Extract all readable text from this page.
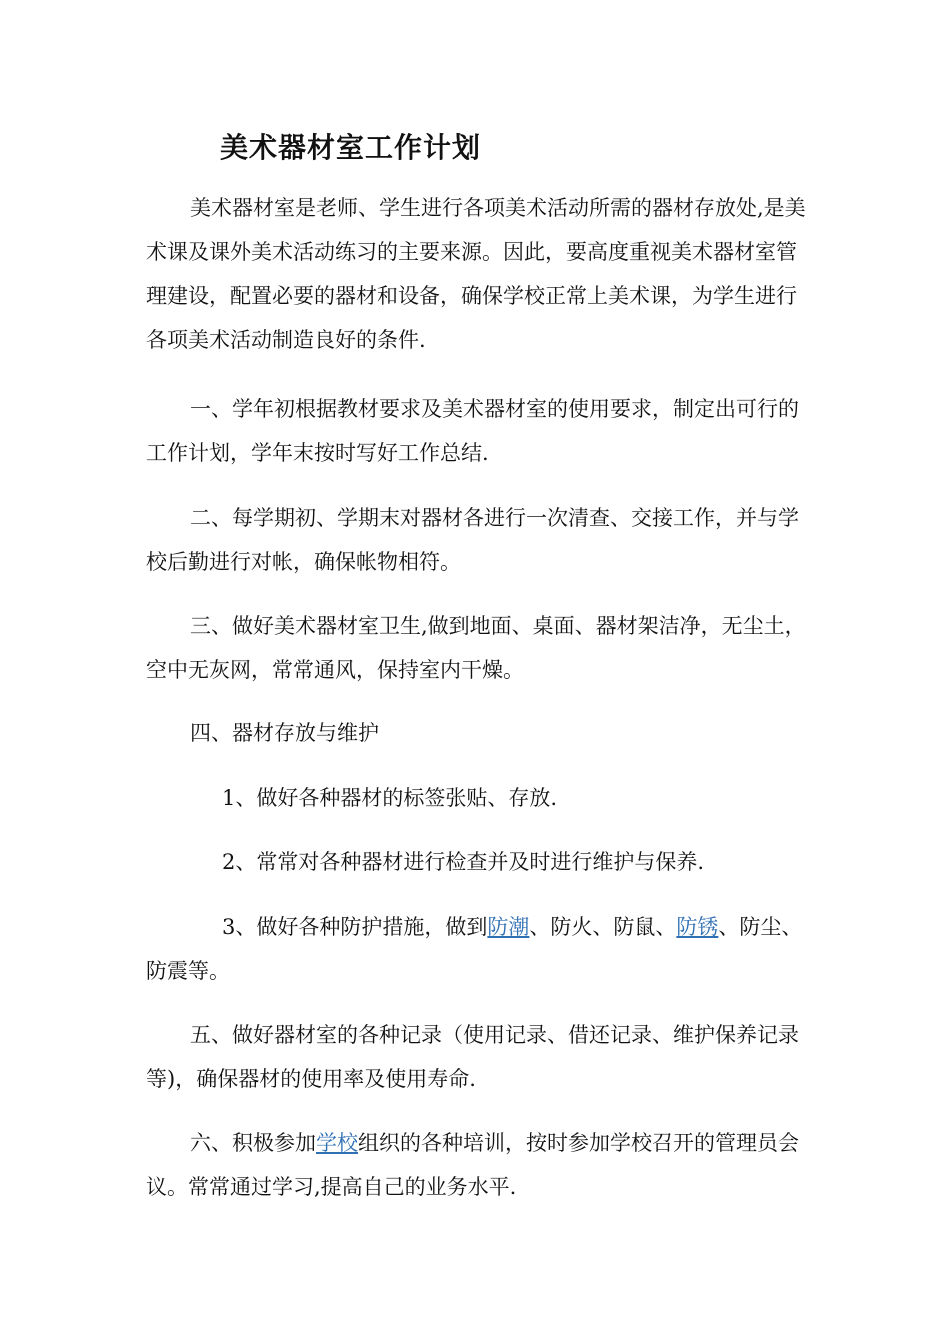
美术器材室工作计划

美术器材室是老师、学生进行各项美术活动所需的器材存放处,是美术课及课外美术活动练习的主要来源。因此，要高度重视美术器材室管理建设，配置必要的器材和设备，确保学校正常上美术课，为学生进行各项美术活动制造良好的条件.

一、学年初根据教材要求及美术器材室的使用要求，制定出可行的工作计划，学年末按时写好工作总结.

二、每学期初、学期末对器材各进行一次清查、交接工作，并与学校后勤进行对帐，确保帐物相符。

三、做好美术器材室卫生,做到地面、桌面、器材架洁净，无尘土，空中无灰网，常常通风，保持室内干燥。

四、器材存放与维护

1、做好各种器材的标签张贴、存放.

2、常常对各种器材进行检查并及时进行维护与保养.

3、做好各种防护措施，做到防潮、防火、防鼠、防锈、防尘、防震等。

五、做好器材室的各种记录（使用记录、借还记录、维护保养记录等)，确保器材的使用率及使用寿命.

六、积极参加学校组织的各种培训，按时参加学校召开的管理员会议。常常通过学习,提高自己的业务水平.
